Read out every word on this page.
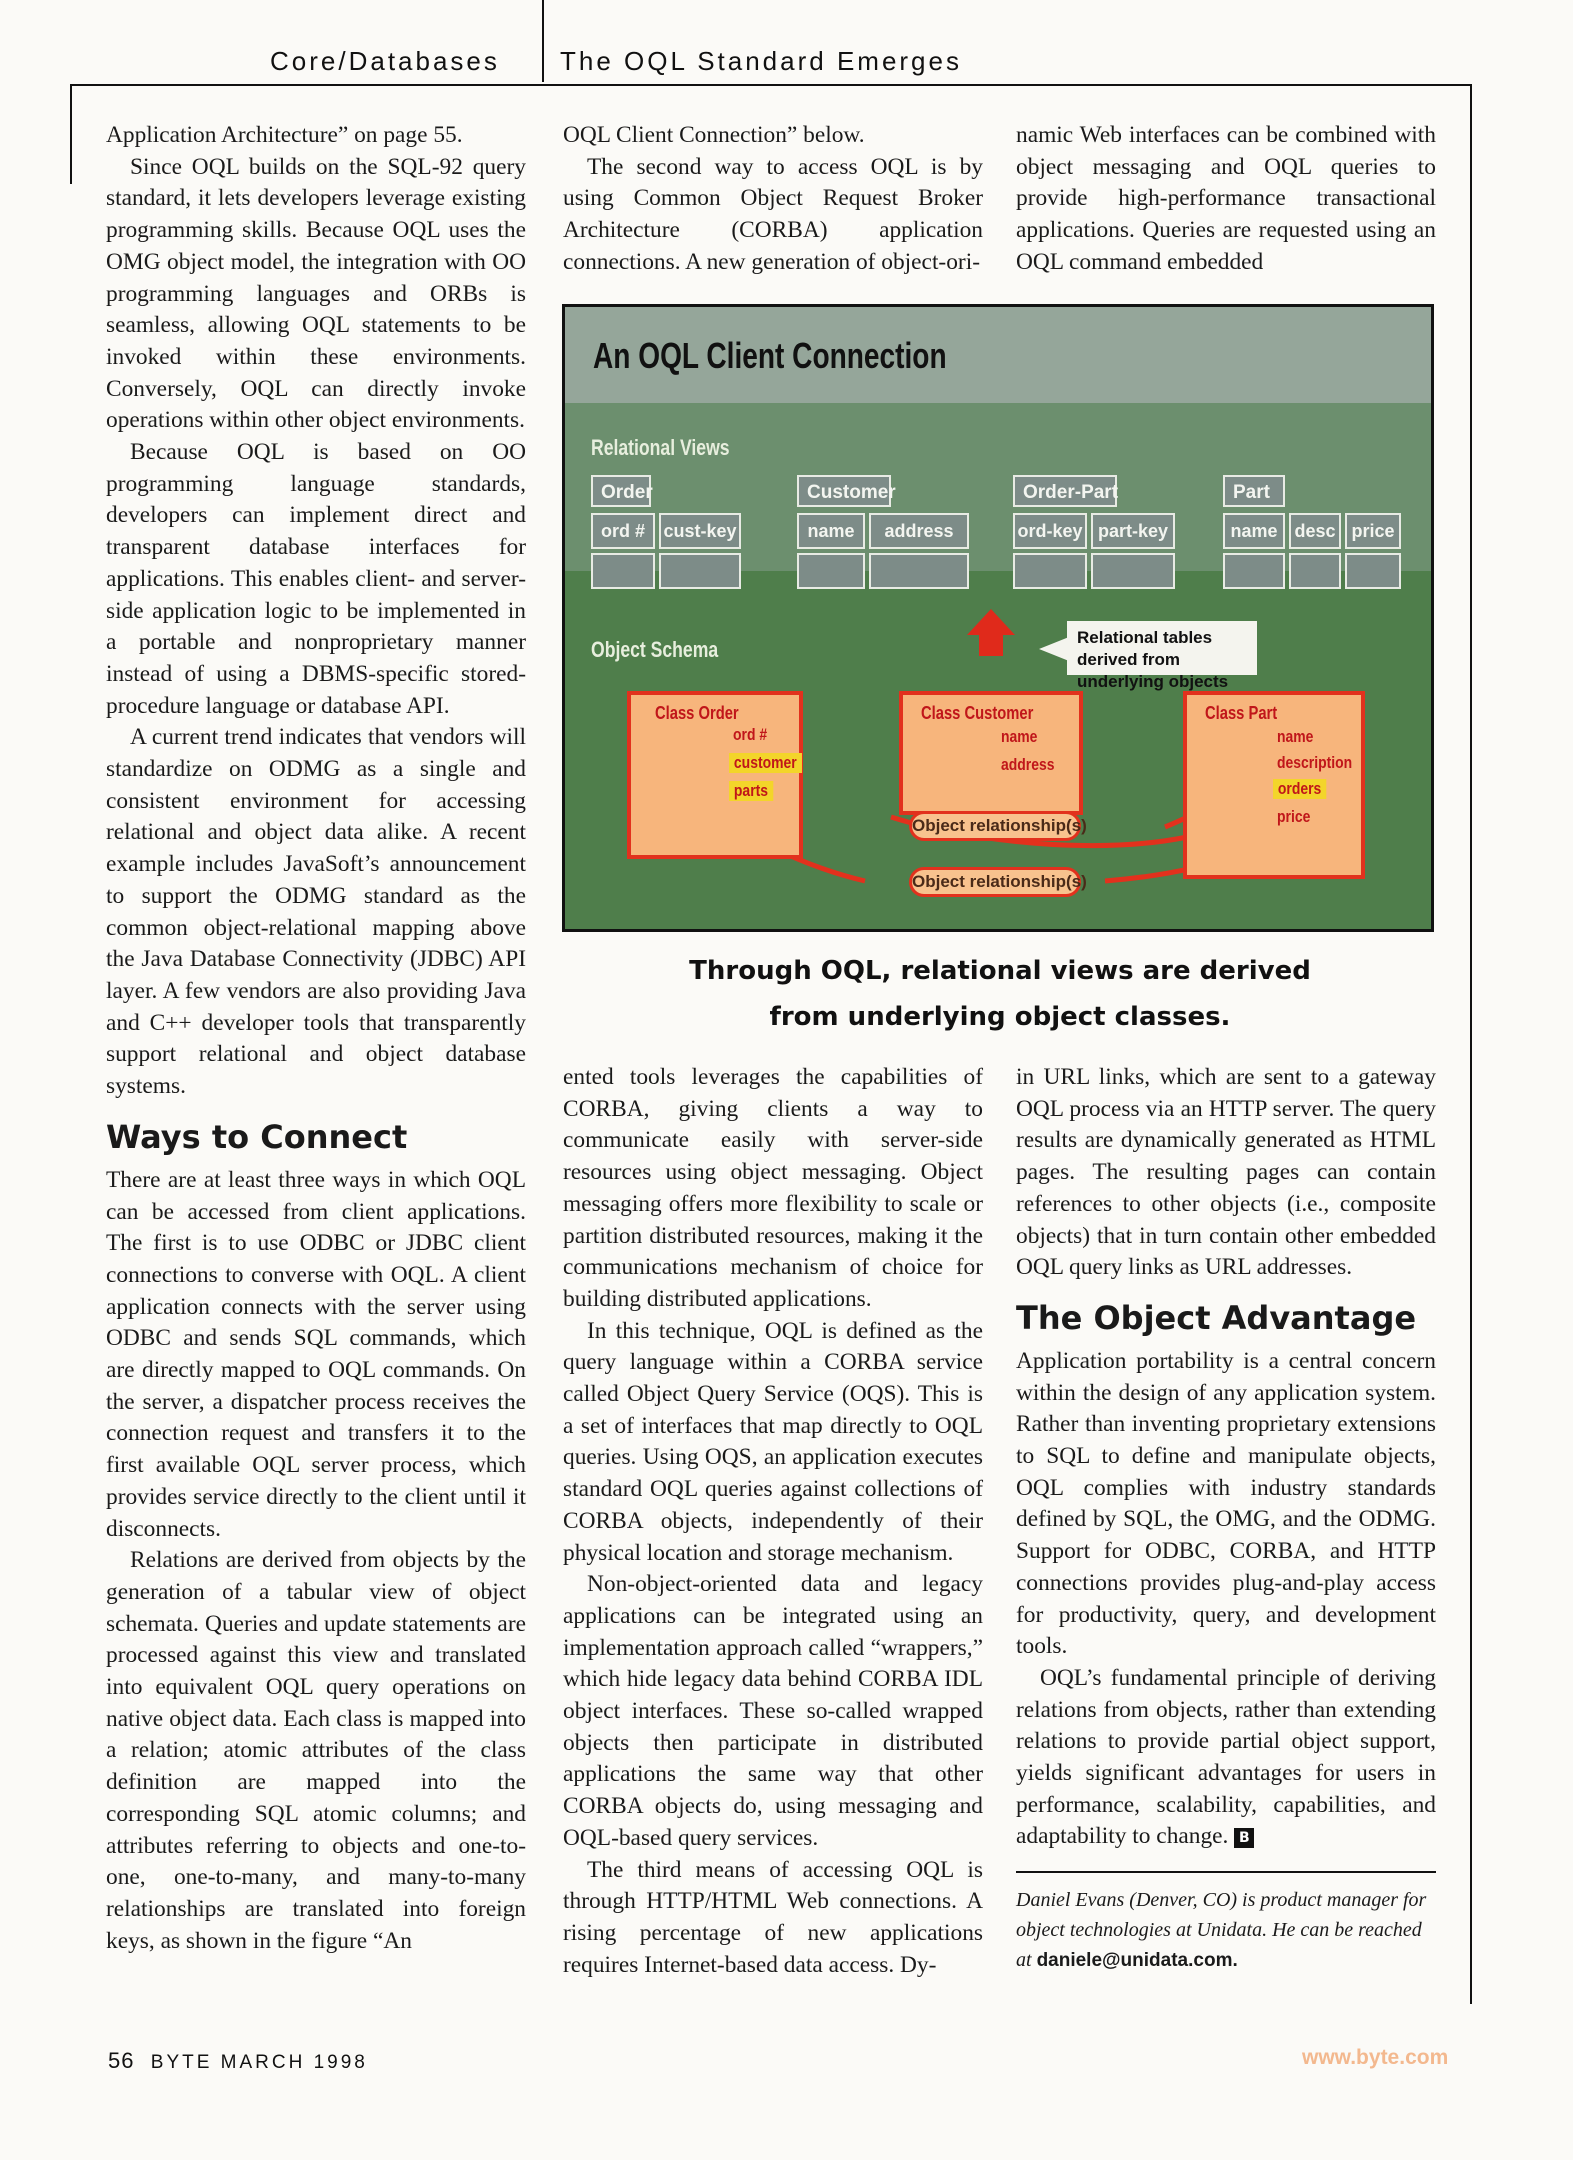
Core/Databases The OQL Standard Emerges

Application Architecture” on page 55.

Since OQL builds on the SQL-92 query standard, it lets developers leverage existing programming skills. Because OQL uses the OMG object model, the integration with OO programming languages and ORBs is seamless, allowing OQL statements to be invoked within these environments. Conversely, OQL can directly invoke operations within other object environments.

Because OQL is based on OO programming language standards, developers can implement direct and transparent database interfaces for applications. This enables client- and server-side application logic to be implemented in a portable and nonproprietary manner instead of using a DBMS-specific stored-procedure language or database API.

A current trend indicates that vendors will standardize on ODMG as a single and consistent environment for accessing relational and object data alike. A recent example includes JavaSoft’s announcement to support the ODMG standard as the common object-relational mapping above the Java Database Connectivity (JDBC) API layer. A few vendors are also providing Java and C++ developer tools that transparently support relational and object database systems.

Ways to Connect

There are at least three ways in which OQL can be accessed from client applications. The first is to use ODBC or JDBC client connections to converse with OQL. A client application connects with the server using ODBC and sends SQL commands, which are directly mapped to OQL commands. On the server, a dispatcher process receives the connection request and transfers it to the first available OQL server process, which provides service directly to the client until it disconnects.

Relations are derived from objects by the generation of a tabular view of object schemata. Queries and update statements are processed against this view and translated into equivalent OQL query operations on native object data. Each class is mapped into a relation; atomic attributes of the class definition are mapped into the corresponding SQL atomic columns; and attributes referring to objects and one-to-one, one-to-many, and many-to-many relationships are translated into foreign keys, as shown in the figure “An

OQL Client Connection” below.

The second way to access OQL is by using Common Object Request Broker Architecture (CORBA) application connections. A new generation of object-ori-

namic Web interfaces can be combined with object messaging and OQL queries to provide high-performance transactional applications. Queries are requested using an OQL command embedded

An OQL Client Connection
Relational Views
Object Schema
Order
ord #	cust-key
Customer
name	address
Order-Part
ord-key part-key
Part
name desc price
Relational tables derived from underlying objects
Class Order
ord #
customer
parts
Class Customer
name
address
Class Part
name
description
orders
price
Object relationship(s)
Object relationship(s)
Through OQL, relational views are derived
from underlying object classes.

ented tools leverages the capabilities of CORBA, giving clients a way to communicate easily with server-side resources using object messaging. Object messaging offers more flexibility to scale or partition distributed resources, making it the communications mechanism of choice for building distributed applications.

In this technique, OQL is defined as the query language within a CORBA service called Object Query Service (OQS). This is a set of interfaces that map directly to OQL queries. Using OQS, an application executes standard OQL queries against collections of CORBA objects, independently of their physical location and storage mechanism.

Non-object-oriented data and legacy applications can be integrated using an implementation approach called “wrappers,” which hide legacy data behind CORBA IDL object interfaces. These so-called wrapped objects then participate in distributed applications the same way that other CORBA objects do, using messaging and OQL-based query services.

The third means of accessing OQL is through HTTP/HTML Web connections. A rising percentage of new applications requires Internet-based data access. Dy-

in URL links, which are sent to a gateway OQL process via an HTTP server. The query results are dynamically generated as HTML pages. The resulting pages can contain references to other objects (i.e., composite objects) that in turn contain other embedded OQL query links as URL addresses.

The Object Advantage

Application portability is a central concern within the design of any application system. Rather than inventing proprietary extensions to SQL to define and manipulate objects, OQL complies with industry standards defined by SQL, the OMG, and the ODMG. Support for ODBC, CORBA, and HTTP connections provides plug-and-play access for productivity, query, and development tools.

OQL’s fundamental principle of deriving relations from objects, rather than extending relations to provide partial object support, yields significant advantages for users in performance, scalability, capabilities, and adaptability to change. B

Daniel Evans (Denver, CO) is product manager for object technologies at Unidata. He can be reached at daniele@unidata.com.
56 BYTE MARCH 1998	www.byte.com
